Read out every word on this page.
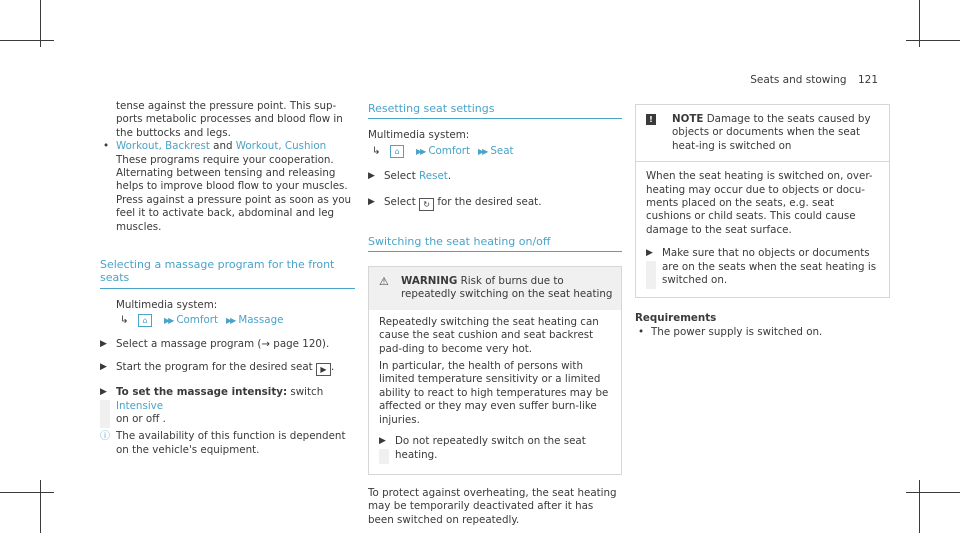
Seats and stowing 121

tense against the pressure point. This sup-

ports metabolic processes and blood flow in

the buttocks and legs.

• Workout, Backrest and Workout, Cushion

These programs require your cooperation.

Alternating between tensing and releasing

helps to improve blood flow to your muscles.

Press against a pressure point as soon as you

feel it to activate back, abdominal and leg

muscles.

Selecting a massage program for the front seats

Multimedia system:

↳ ⌂ ▶▶ Comfort ▶▶ Massage

▶ Select a massage program (→ page 120).

▶ Start the program for the desired seat ▶ .

▶ To set the massage intensity: switch Intensive

on or off .

ⓘ The availability of this function is dependent

on the vehicle's equipment.

Resetting seat settings

Multimedia system:

↳ ⌂ ▶▶ Comfort ▶▶ Seat

▶ Select Reset.

▶ Select ↻ for the desired seat.

Switching the seat heating on/off
⚠	WARNING Risk of burns due to repeatedly switching on the seat heating

Repeatedly switching the seat heating can cause the seat cushion and seat backrest pad-ding to become very hot.

In particular, the health of persons with limited temperature sensitivity or a limited ability to react to high temperatures may be affected or they may even suffer burn-like injuries.

▶ Do not repeatedly switch on the seat heating.

To protect against overheating, the seat heating may be temporarily deactivated after it has been switched on repeatedly.

!	NOTE Damage to the seats caused by objects or documents when the seat heat-ing is switched on

When the seat heating is switched on, over-heating may occur due to objects or docu-ments placed on the seats, e.g. seat cushions or child seats. This could cause damage to the seat surface.

▶ Make sure that no objects or documents are on the seats when the seat heating is switched on.

Requirements

• The power supply is switched on.
